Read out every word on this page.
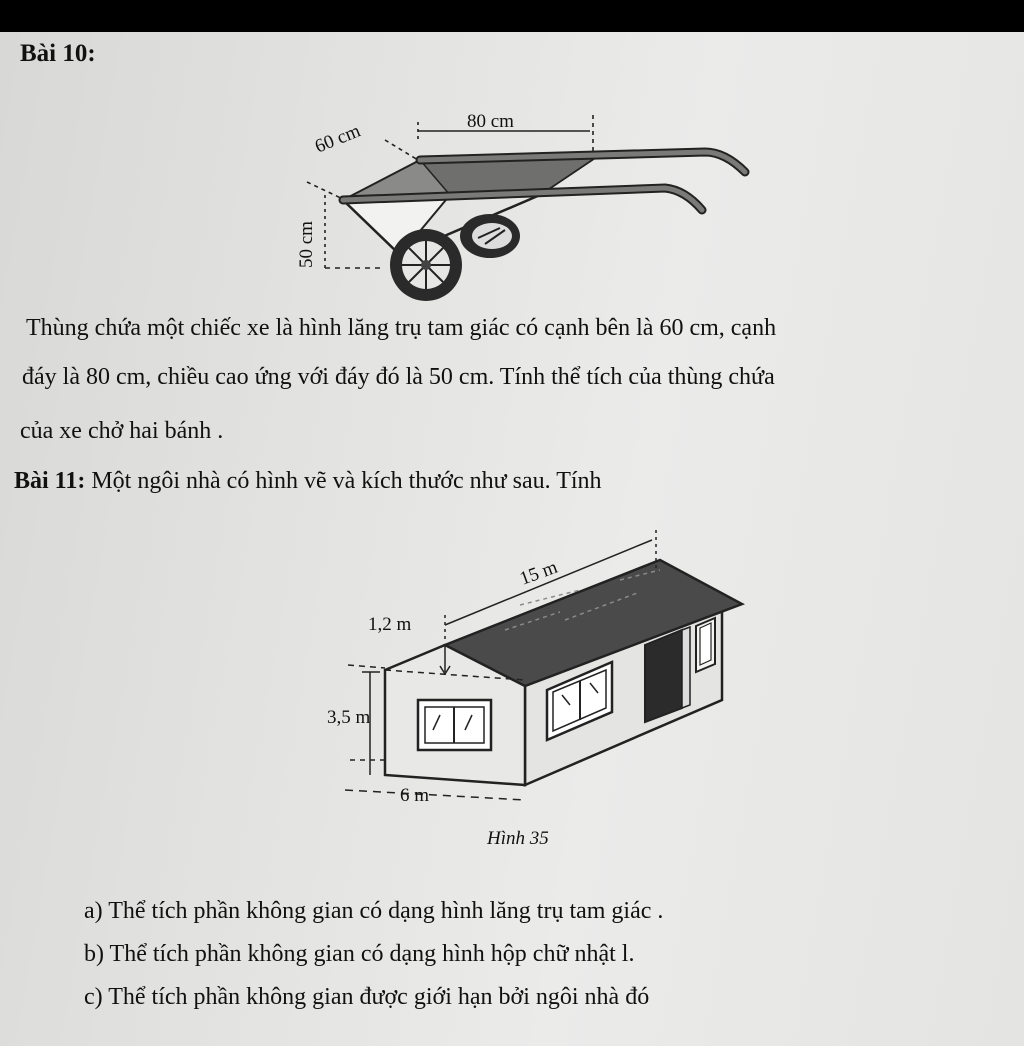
Bài 10:
80 cm
60 cm
50 cm
Thùng chứa một chiếc xe là hình lăng trụ tam giác có cạnh bên là 60 cm, cạnh
đáy là 80 cm, chiều cao ứng với đáy đó là 50 cm. Tính thể tích của thùng chứa
của xe chở hai bánh .
Bài 11: Một ngôi nhà có hình vẽ và kích thước như sau. Tính
15 m
1,2 m
3,5 m
6 m
Hình 35
a) Thể tích phần không gian có dạng hình lăng trụ tam giác .
b) Thể tích phần không gian có dạng hình hộp chữ nhật l.
c) Thể tích phần không gian được giới hạn bởi ngôi nhà đó
